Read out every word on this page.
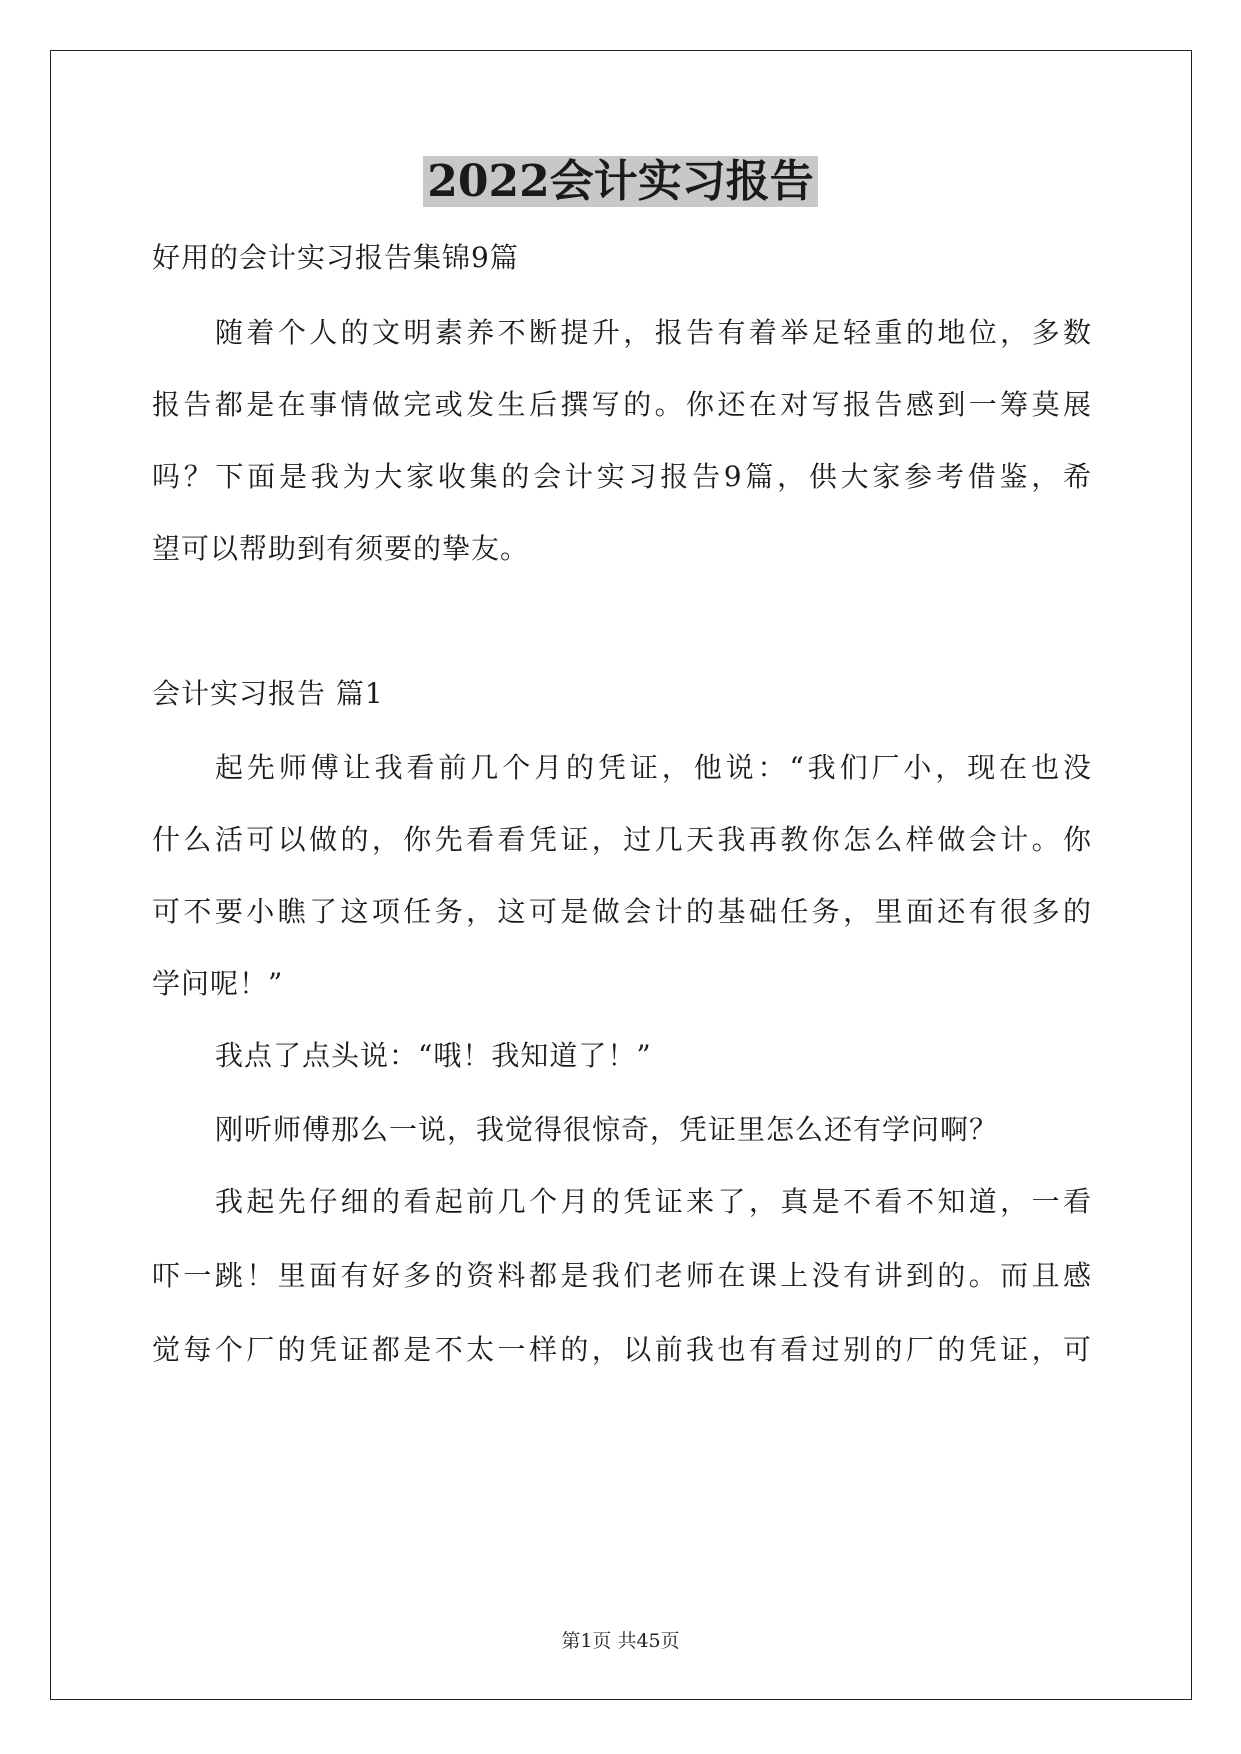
2022会计实习报告
好用的会计实习报告集锦9篇
随着个人的文明素养不断提升，报告有着举足轻重的地位，多数
报告都是在事情做完或发生后撰写的。你还在对写报告感到一筹莫展
吗？下面是我为大家收集的会计实习报告9篇，供大家参考借鉴，希
望可以帮助到有须要的挚友。
会计实习报告 篇1
起先师傅让我看前几个月的凭证，他说：“我们厂小，现在也没
什么活可以做的，你先看看凭证，过几天我再教你怎么样做会计。你
可不要小瞧了这项任务，这可是做会计的基础任务，里面还有很多的
学问呢！”
我点了点头说：“哦！我知道了！”
刚听师傅那么一说，我觉得很惊奇，凭证里怎么还有学问啊？
我起先仔细的看起前几个月的凭证来了，真是不看不知道，一看
吓一跳！里面有好多的资料都是我们老师在课上没有讲到的。而且感
觉每个厂的凭证都是不太一样的，以前我也有看过别的厂的凭证，可
第1页 共45页
